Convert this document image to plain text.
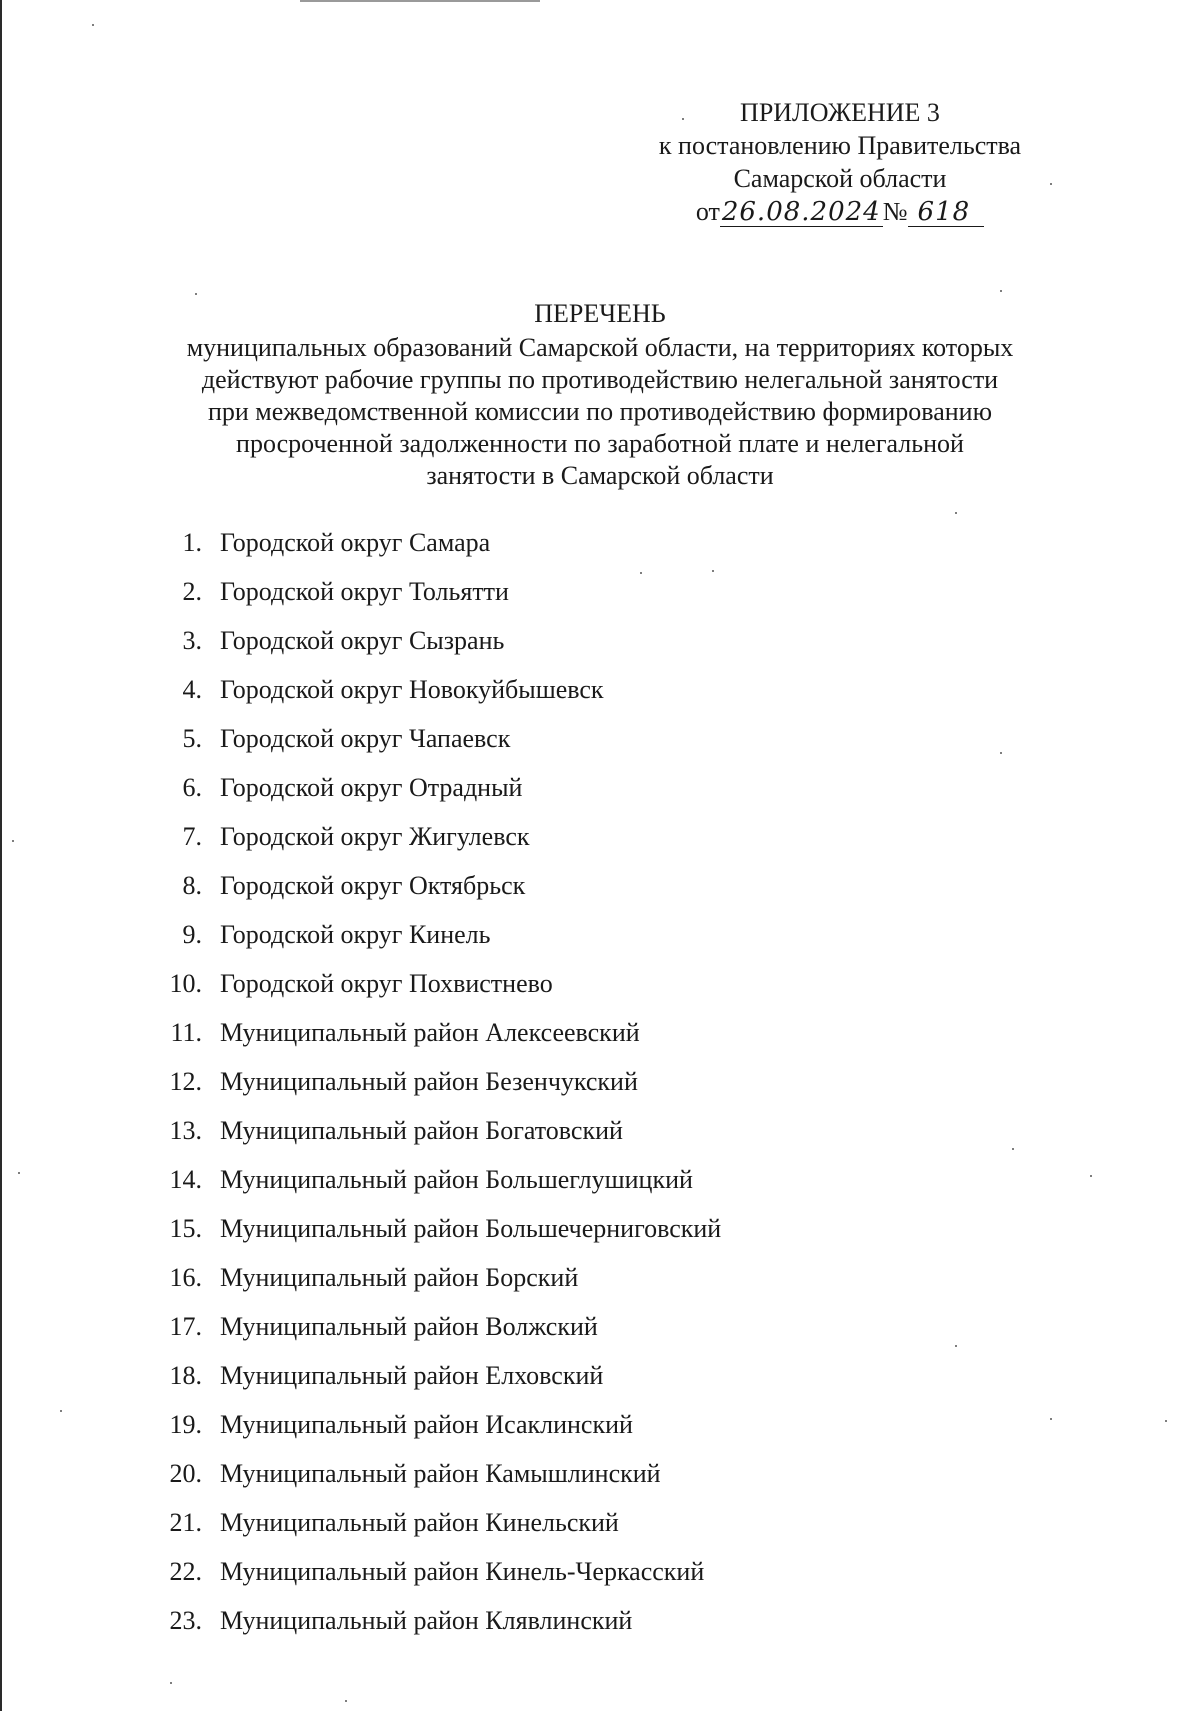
ПРИЛОЖЕНИЕ 3
к постановлению Правительства
Самарской области
от26.08.2024№ 618
ПЕРЕЧЕНЬ
муниципальных образований Самарской области, на территориях которых
действуют рабочие группы по противодействию нелегальной занятости
при межведомственной комиссии по противодействию формированию
просроченной задолженности по заработной плате и нелегальной
занятости в Самарской области
1. Городской округ Самара
2. Городской округ Тольятти
3. Городской округ Сызрань
4. Городской округ Новокуйбышевск
5. Городской округ Чапаевск
6. Городской округ Отрадный
7. Городской округ Жигулевск
8. Городской округ Октябрьск
9. Городской округ Кинель
10. Городской округ Похвистнево
11. Муниципальный район Алексеевский
12. Муниципальный район Безенчукский
13. Муниципальный район Богатовский
14. Муниципальный район Большеглушицкий
15. Муниципальный район Большечерниговский
16. Муниципальный район Борский
17. Муниципальный район Волжский
18. Муниципальный район Елховский
19. Муниципальный район Исаклинский
20. Муниципальный район Камышлинский
21. Муниципальный район Кинельский
22. Муниципальный район Кинель-Черкасский
23. Муниципальный район Клявлинский
